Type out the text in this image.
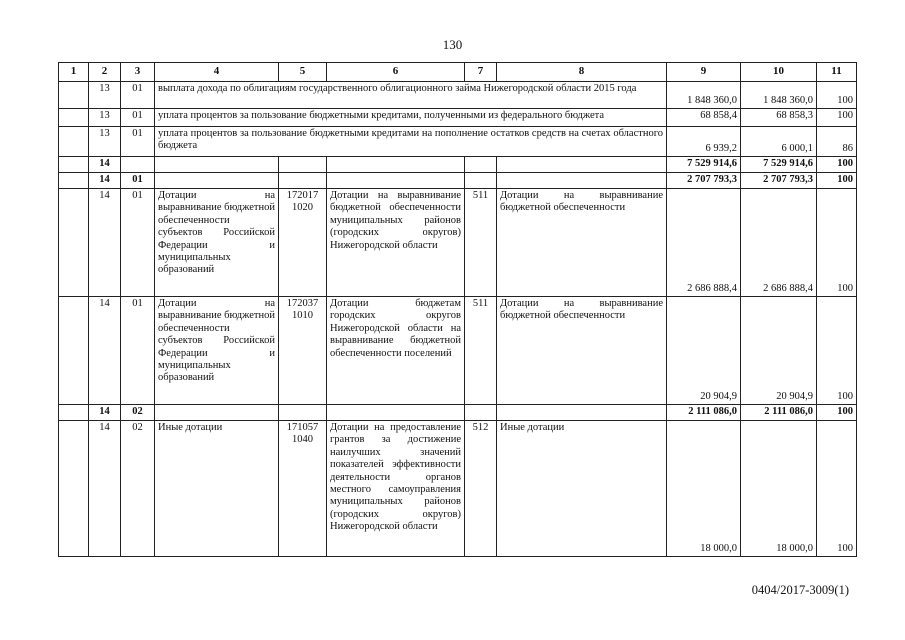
130
1	2	3	4	5	6	7	8	9	10	11
	13	01	выплата дохода по облигациям государственного облигационного займа Нижегородской области 2015 года					1 848 360,0	1 848 360,0	100
	13	01	уплата процентов за пользование бюджетными кредитами, полученными из федерального бюджета					68 858,4	68 858,3	100
	13	01	уплата процентов за пользование бюджетными кредитами на пополнение остатков средств на счетах областного бюджета					6 939,2	6 000,1	86
	14							7 529 914,6	7 529 914,6	100
	14	01						2 707 793,3	2 707 793,3	100
	14	01	Дотации на выравнивание бюджетной обеспеченности субъектов Российской Федерации и муниципальных образований	172017 1020	Дотации на выравнивание бюджетной обеспеченности муниципальных районов (городских округов) Нижегородской области	511	Дотации на выравнивание бюджетной обеспеченности	2 686 888,4	2 686 888,4	100
	14	01	Дотации на выравнивание бюджетной обеспеченности субъектов Российской Федерации и муниципальных образований	172037 1010	Дотации бюджетам городских округов Нижегородской области на выравнивание бюджетной обеспеченности поселений	511	Дотации на выравнивание бюджетной обеспеченности	20 904,9	20 904,9	100
	14	02						2 111 086,0	2 111 086,0	100
	14	02	Иные дотации	171057 1040	Дотации на предоставление грантов за достижение наилучших значений показателей эффективности деятельности органов местного самоуправления муниципальных районов (городских округов) Нижегородской области	512	Иные дотации	18 000,0	18 000,0	100
0404/2017-3009(1)
